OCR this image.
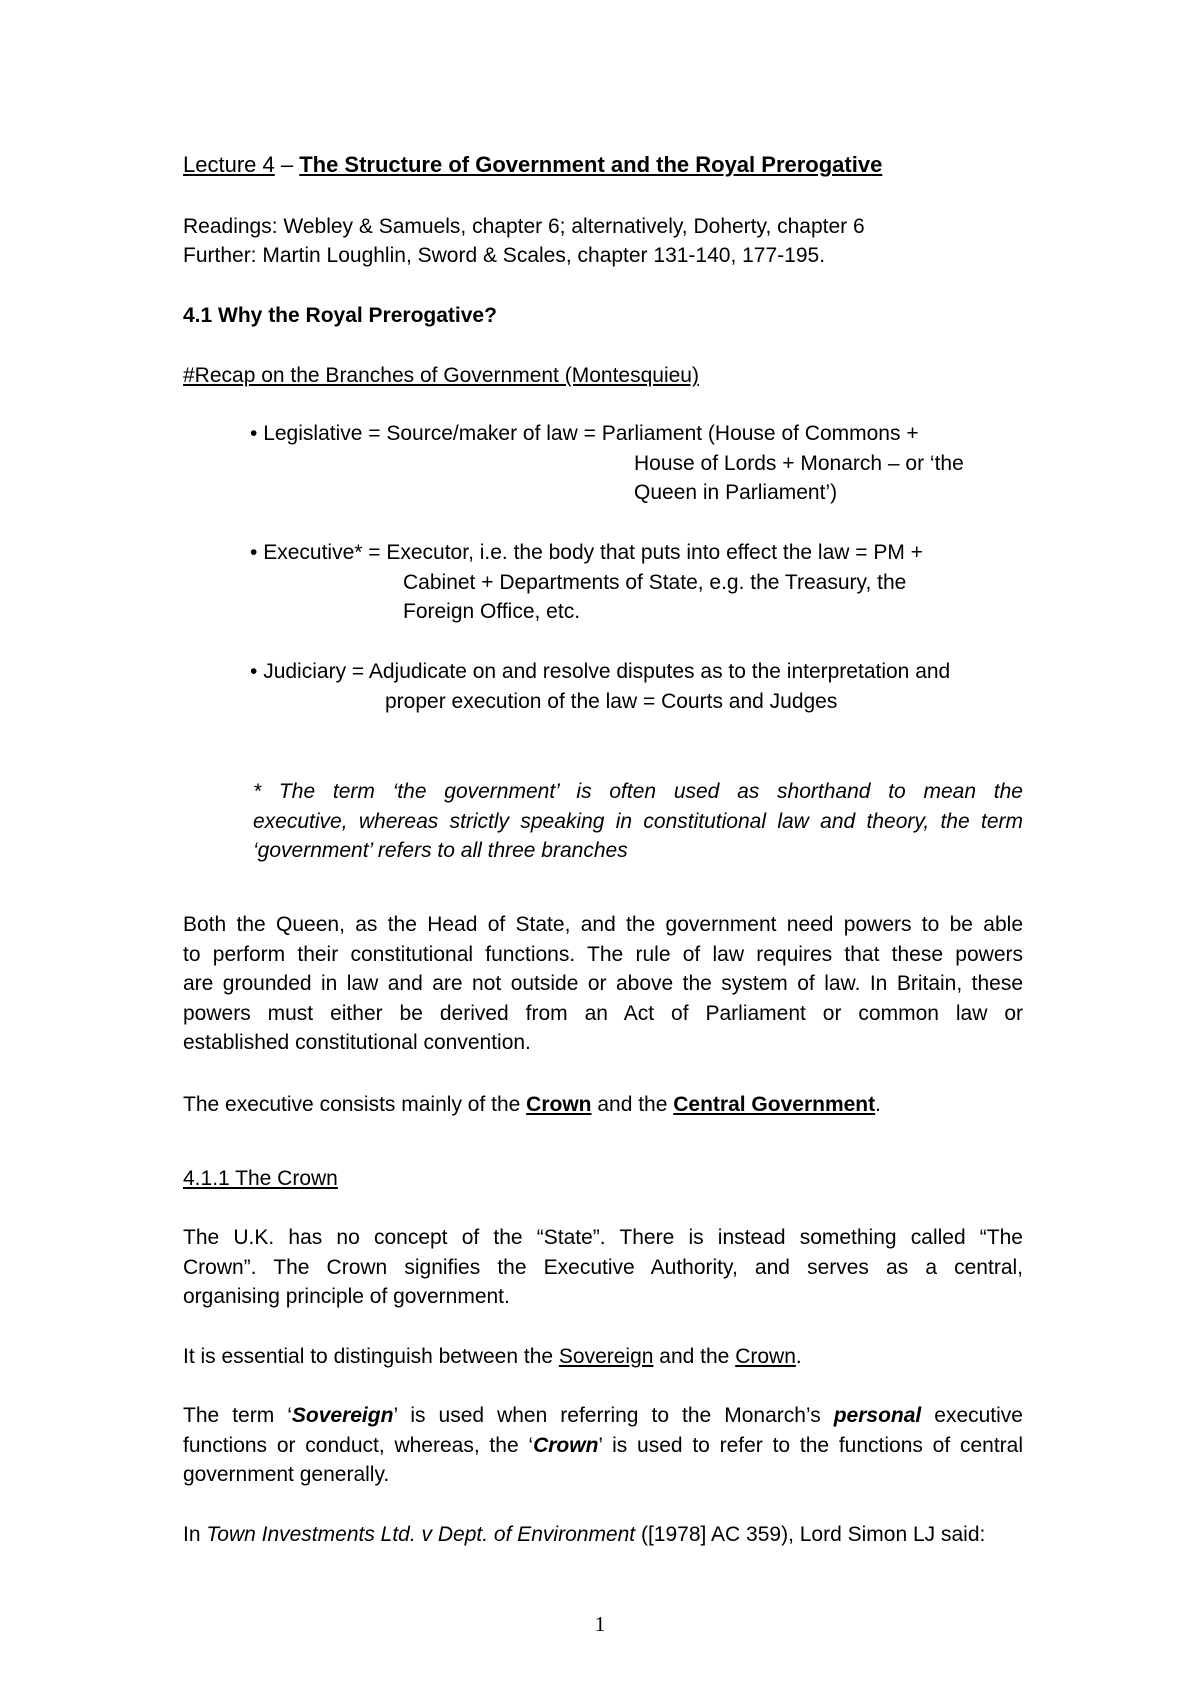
Lecture 4 – The Structure of Government and the Royal Prerogative
Readings: Webley & Samuels, chapter 6; alternatively, Doherty, chapter 6
Further: Martin Loughlin, Sword & Scales, chapter 131-140, 177-195.
4.1 Why the Royal Prerogative?
#Recap on the Branches of Government (Montesquieu)
• Legislative = Source/maker of law = Parliament (House of Commons +
House of Lords + Monarch – or ‘the
Queen in Parliament’)
• Executive* = Executor, i.e. the body that puts into effect the law = PM +
Cabinet + Departments of State, e.g. the Treasury, the
Foreign Office, etc.
• Judiciary = Adjudicate on and resolve disputes as to the interpretation and
proper execution of the law = Courts and Judges
* The term ‘the government’ is often used as shorthand to mean the
executive, whereas strictly speaking in constitutional law and theory, the term
‘government’ refers to all three branches
Both the Queen, as the Head of State, and the government need powers to be able
to perform their constitutional functions. The rule of law requires that these powers
are grounded in law and are not outside or above the system of law. In Britain, these
powers must either be derived from an Act of Parliament or common law or
established constitutional convention.
The executive consists mainly of the Crown and the Central Government.
4.1.1 The Crown
The U.K. has no concept of the “State”. There is instead something called “The
Crown”. The Crown signifies the Executive Authority, and serves as a central,
organising principle of government.
It is essential to distinguish between the Sovereign and the Crown.
The term ‘Sovereign’ is used when referring to the Monarch’s personal executive
functions or conduct, whereas, the ‘Crown’ is used to refer to the functions of central
government generally.
In Town Investments Ltd. v Dept. of Environment ([1978] AC 359), Lord Simon LJ said:
1
